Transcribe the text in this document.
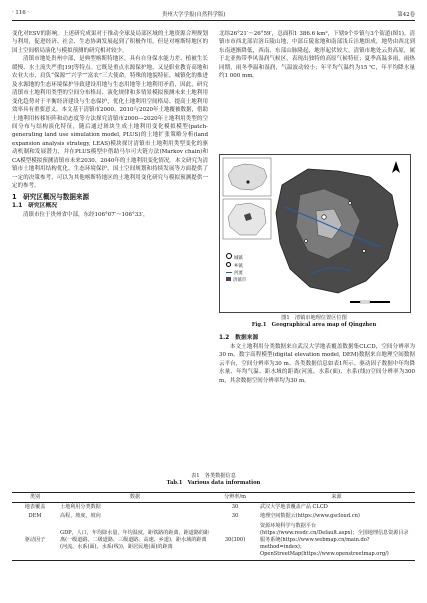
· 116 ·	贵州大学学报(自然科学版)	第42卷

变化对ESV的影响。上述研究成果对于推动全球及局部区域的土地资源合理规划与利用，促进经济、社会、生态协调发展起到了积极作用，但是对喀斯特地区的国土空间格局演化与模拟预测的研究相对较少。

清镇市地处贵州中部，是典型喀斯特地区，具有自身保水能力差、植被生长缓慢、水土流失严重[19]等特点。它既是重点水源保护地，又是职业教育高地和农业大市，肩负“保源”“兴学”“富农”三大使命。特殊的地貌特征、城镇化的推进及水源地的生态环境保护导致建设用地与生态用地等土地利用矛盾，因此，研究清镇市土地利用类型的空间分布格局、演化规律和多情景模拟预测未来土地利用变化趋势对于平衡经济建设与生态保护，优化土地利用空间格局、提高土地利用效率具有重要意义。本文基于清镇市2000、2010与2020年土地覆被数据，借助土地利用转移矩阵和动态度等方法探究清镇市2000—2020年土地利用类型的空间分布与结构演化特征，随后通过斑块生成土地利用变化模拟模型(patch-generating land use simulation model, PLUS)的土地扩张策略分析(land expansion analysis strategy, LEAS)模块探讨清镇市土地利用类型变化的驱动机制和发展潜力，并在PLUS模型中借助马尔可夫链方法(Markov chain)和CA模型模拟预测清镇市未来2030、2040年的土地利用变化情况。本文研究为清镇市土地利用结构优化、生态环境保护、国土空间规划和持续发展等方面提供了一定的决策参考，可以为其他喀斯特地区的土地利用变化研究与模拟预测提供一定的参考。

1　研究区概况与数据来源
1.1　研究区概况

清镇市位于贵州省中部，东经106°07′～106°33′，

北纬26°21′～26°59′，总面积1 386.6 km²，下辖9个乡镇与3个街道(图1)。清镇市市西北部岩溶丘陵山地，中部丘陵盆地和南部浅丘洼地组成，地势由西北到东南逐渐降低，西南、东部山脉隆起，地形起伏较大。清镇市地处云贵高原，属于北亚热带季风湿润气候区，表现出独特的高原气候特征；夏季高温多雨，雨热同期，雨冬季温和湿润，气温波动较小；年平均气温约为15 ℃，年平均降水量约1 000 mm。

城镇
乡镇
河流
清镇市
图1　清镇市地理位置区位图
Fig.1　Geographical area map of Qingzhen
1.2　数据来源

本文土地利用分类数据来自武汉大学地表覆盖数据集CLCD，空间分辨率为30 m。数字高程模型(digital elevation model, DEM)数据来自地理空间数据云平台，空间分辨率为30 m。各类数据信息如表1所示。驱动因子数据中年均降水量、年均气温、距水域的距离(河流、水系(面)、水系(线))空间分辨率为300 m，其余数据空间分辨率均为30 m。

表1　各类数据信息
Tab.1　Various data information
类别	数据	分辨率/m	来源
地表覆盖	土地利用分类数据	30	武汉大学地表覆盖产品 CLCD
DEM	高程，坡度，坡向	30	地理空间数据云(https://www.gscloud.cn)
驱动因子	GDP，人口，年均降水量，年均温度，距铁路的距离，距道路的距离(一级道路、二级道路、三级道路、高速、乡道)，距水域的距离(河流、水系(面)、水系(线))，距居民地(面)的距离	30(300)	资源环境科学与数据平台(https://www.resdc.cn/Default.aspx)；全国地理信息资源目录服务系统(https://www.webmap.cn/main.do?method=index)；OpenStreetMap(https://www.openstreetmap.org/)
